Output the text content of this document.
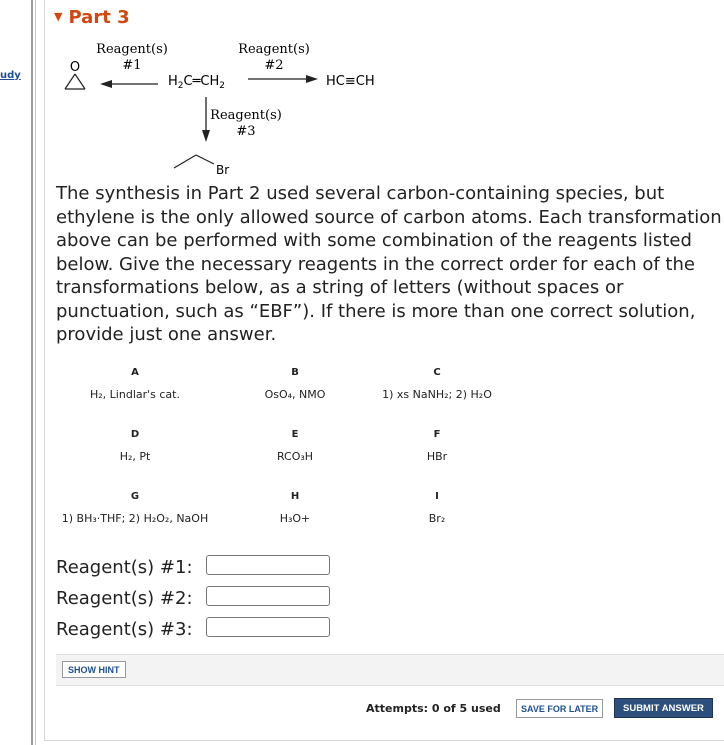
udy
▼ Part 3
Reagent(s)
#1
Reagent(s)
#2
O
$H_2C═CH_2$	HC≡CH
Reagent(s)
#3
Br
The synthesis in Part 2 used several carbon-containing species, but ethylene is the only allowed source of carbon atoms. Each transformation above can be performed with some combination of the reagents listed below. Give the necessary reagents in the correct order for each of the transformations below, as a string of letters (without spaces or punctuation, such as “EBF”). If there is more than one correct solution, provide just one answer.
A
H₂, Lindlar's cat.
B
OsO₄, NMO
C
1) xs NaNH₂; 2) H₂O
D
H₂, Pt
E
RCO₃H
F
HBr
G
1) BH₃·THF; 2) H₂O₂, NaOH
H
H₃O+
I
Br₂
Reagent(s) #1:
Reagent(s) #2:
Reagent(s) #3:
SHOW HINT
Attempts: 0 of 5 used	SAVE FOR LATER	SUBMIT ANSWER
